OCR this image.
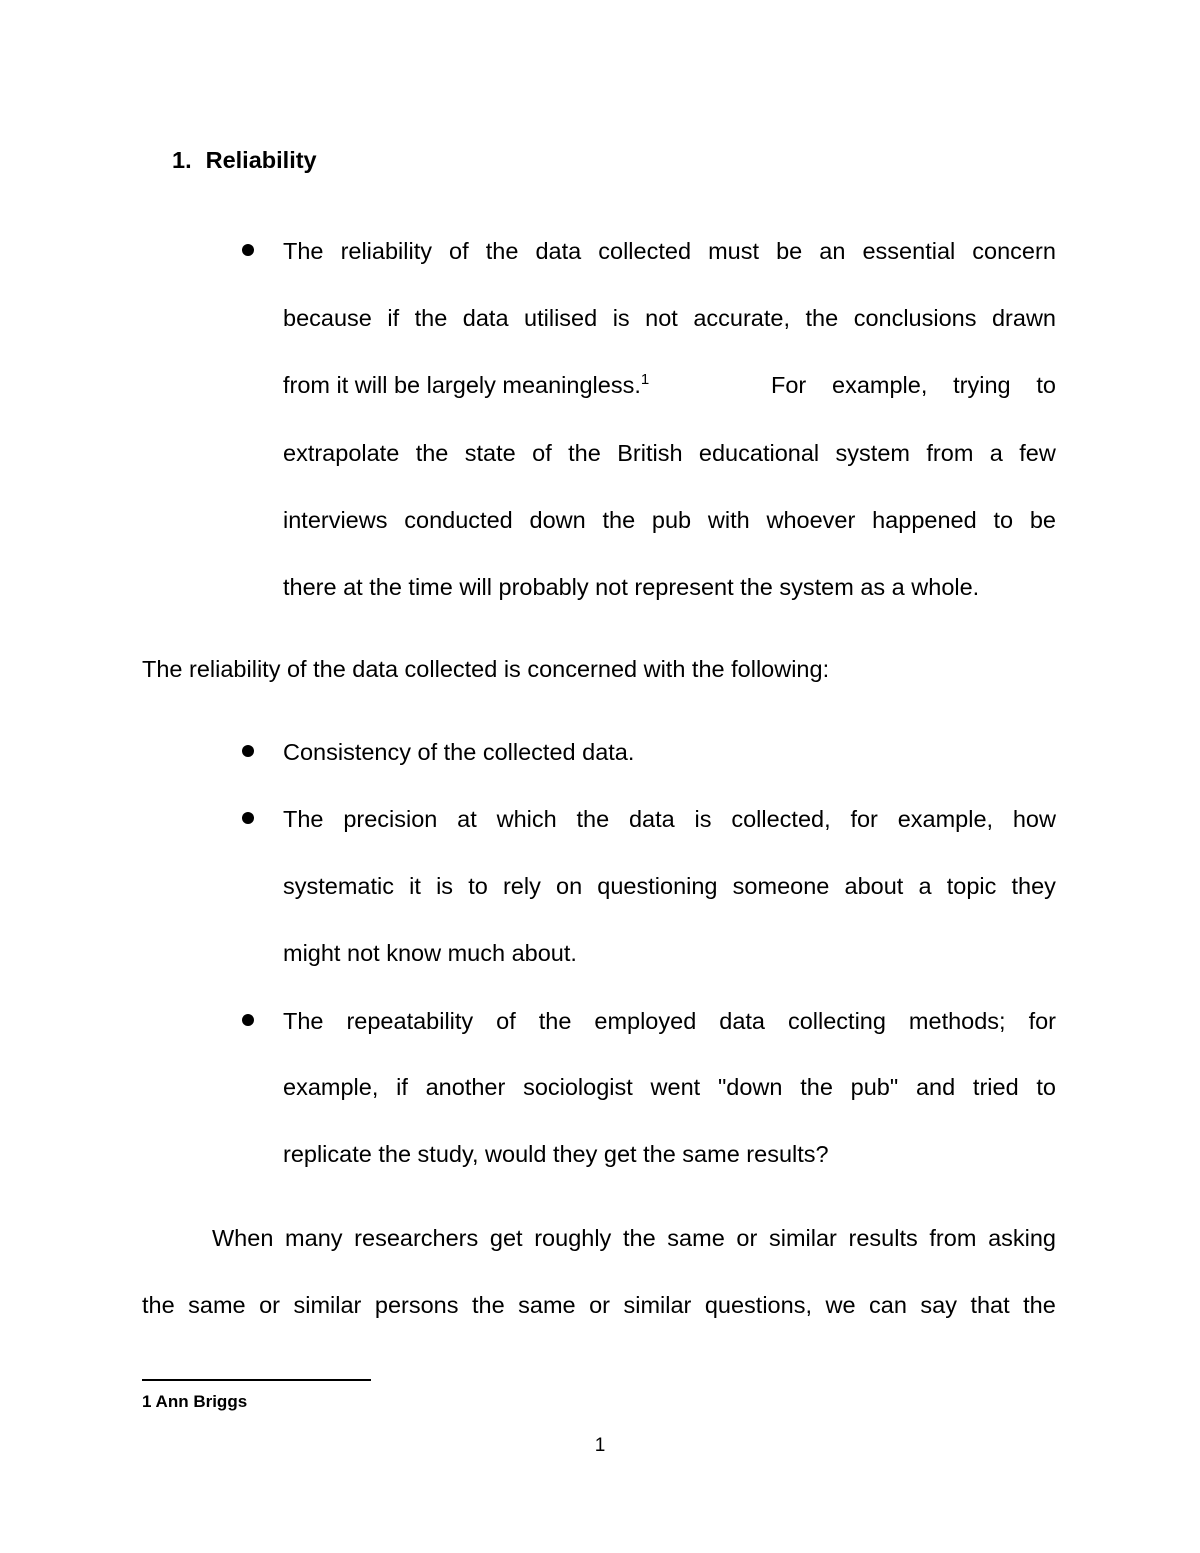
1. Reliability
The reliability of the data collected must be an essential concern
because if the data utilised is not accurate, the conclusions drawn
from it will be largely meaningless.1	For example, trying to
extrapolate the state of the British educational system from a few
interviews conducted down the pub with whoever happened to be
there at the time will probably not represent the system as a whole.
The reliability of the data collected is concerned with the following:
Consistency of the collected data.
The precision at which the data is collected, for example, how
systematic it is to rely on questioning someone about a topic they
might not know much about.
The repeatability of the employed data collecting methods; for
example, if another sociologist went "down the pub" and tried to
replicate the study, would they get the same results?
When many researchers get roughly the same or similar results from asking
the same or similar persons the same or similar questions, we can say that the
1 Ann Briggs
1
